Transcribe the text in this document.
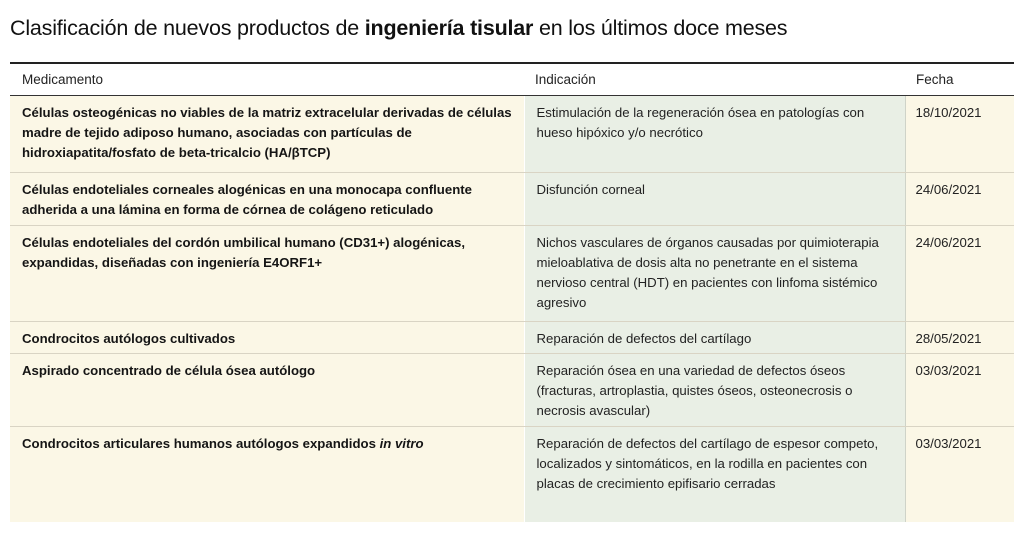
Clasificación de nuevos productos de ingeniería tisular en los últimos doce meses
Medicamento	Indicación	Fecha
Células osteogénicas no viables de la matriz extracelular derivadas de células madre de tejido adiposo humano, asociadas con partículas de hidroxiapatita/fosfato de beta-tricalcio (HA/βTCP)	Estimulación de la regeneración ósea en patologías con hueso hipóxico y/o necrótico	18/10/2021
Células endoteliales corneales alogénicas en una monocapa confluente adherida a una lámina en forma de córnea de colágeno reticulado	Disfunción corneal	24/06/2021
Células endoteliales del cordón umbilical humano (CD31+) alogénicas, expandidas, diseñadas con ingeniería E4ORF1+	Nichos vasculares de órganos causadas por quimioterapia mieloablativa de dosis alta no penetrante en el sistema nervioso central (HDT) en pacientes con linfoma sistémico agresivo	24/06/2021
Condrocitos autólogos cultivados	Reparación de defectos del cartílago	28/05/2021
Aspirado concentrado de célula ósea autólogo	Reparación ósea en una variedad de defectos óseos (fracturas, artroplastia, quistes óseos, osteonecrosis o necrosis avascular)	03/03/2021
Condrocitos articulares humanos autólogos expandidos in vitro	Reparación de defectos del cartílago de espesor competo, localizados y sintomáticos, en la rodilla en pacientes con placas de crecimiento epifisario cerradas	03/03/2021
